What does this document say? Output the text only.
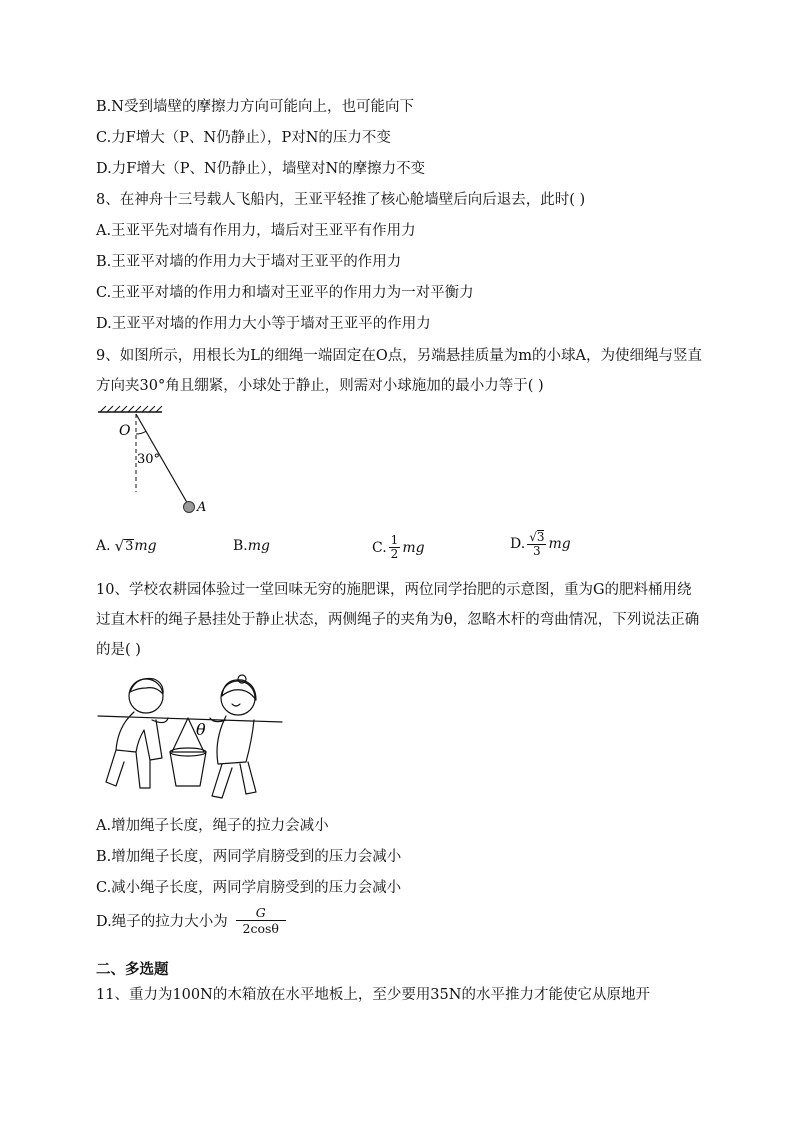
B.N受到墙壁的摩擦力方向可能向上，也可能向下
C.力F增大（P、N仍静止），P对N的压力不变
D.力F增大（P、N仍静止），墙壁对N的摩擦力不变
8、在神舟十三号载人飞船内，王亚平轻推了核心舱墙壁后向后退去，此时( )
A.王亚平先对墙有作用力，墙后对王亚平有作用力
B.王亚平对墙的作用力大于墙对王亚平的作用力
C.王亚平对墙的作用力和墙对王亚平的作用力为一对平衡力
D.王亚平对墙的作用力大小等于墙对王亚平的作用力
9、如图所示，用根长为L的细绳一端固定在O点，另端悬挂质量为m的小球A，为使细绳与竖直方向夹30°角且绷紧，小球处于静止，则需对小球施加的最小力等于( )
O
30°
A
A. √ 3 mg	B. mg	C. $\frac{1}{2}$ mg	D. $\frac{√ 3}{3}$ mg
10、学校农耕园体验过一堂回味无穷的施肥课，两位同学抬肥的示意图，重为G的肥料桶用绕过直木杆的绳子悬挂处于静止状态，两侧绳子的夹角为θ，忽略木杆的弯曲情况，下列说法正确的是( )
θ
A.增加绳子长度，绳子的拉力会减小
B.增加绳子长度，两同学肩膀受到的压力会减小
C.减小绳子长度，两同学肩膀受到的压力会减小
D.绳子的拉力大小为 $\frac{G}{2\cos\theta}$
二、多选题
11、重力为100N的木箱放在水平地板上，至少要用35N的水平推力才能使它从原地开
